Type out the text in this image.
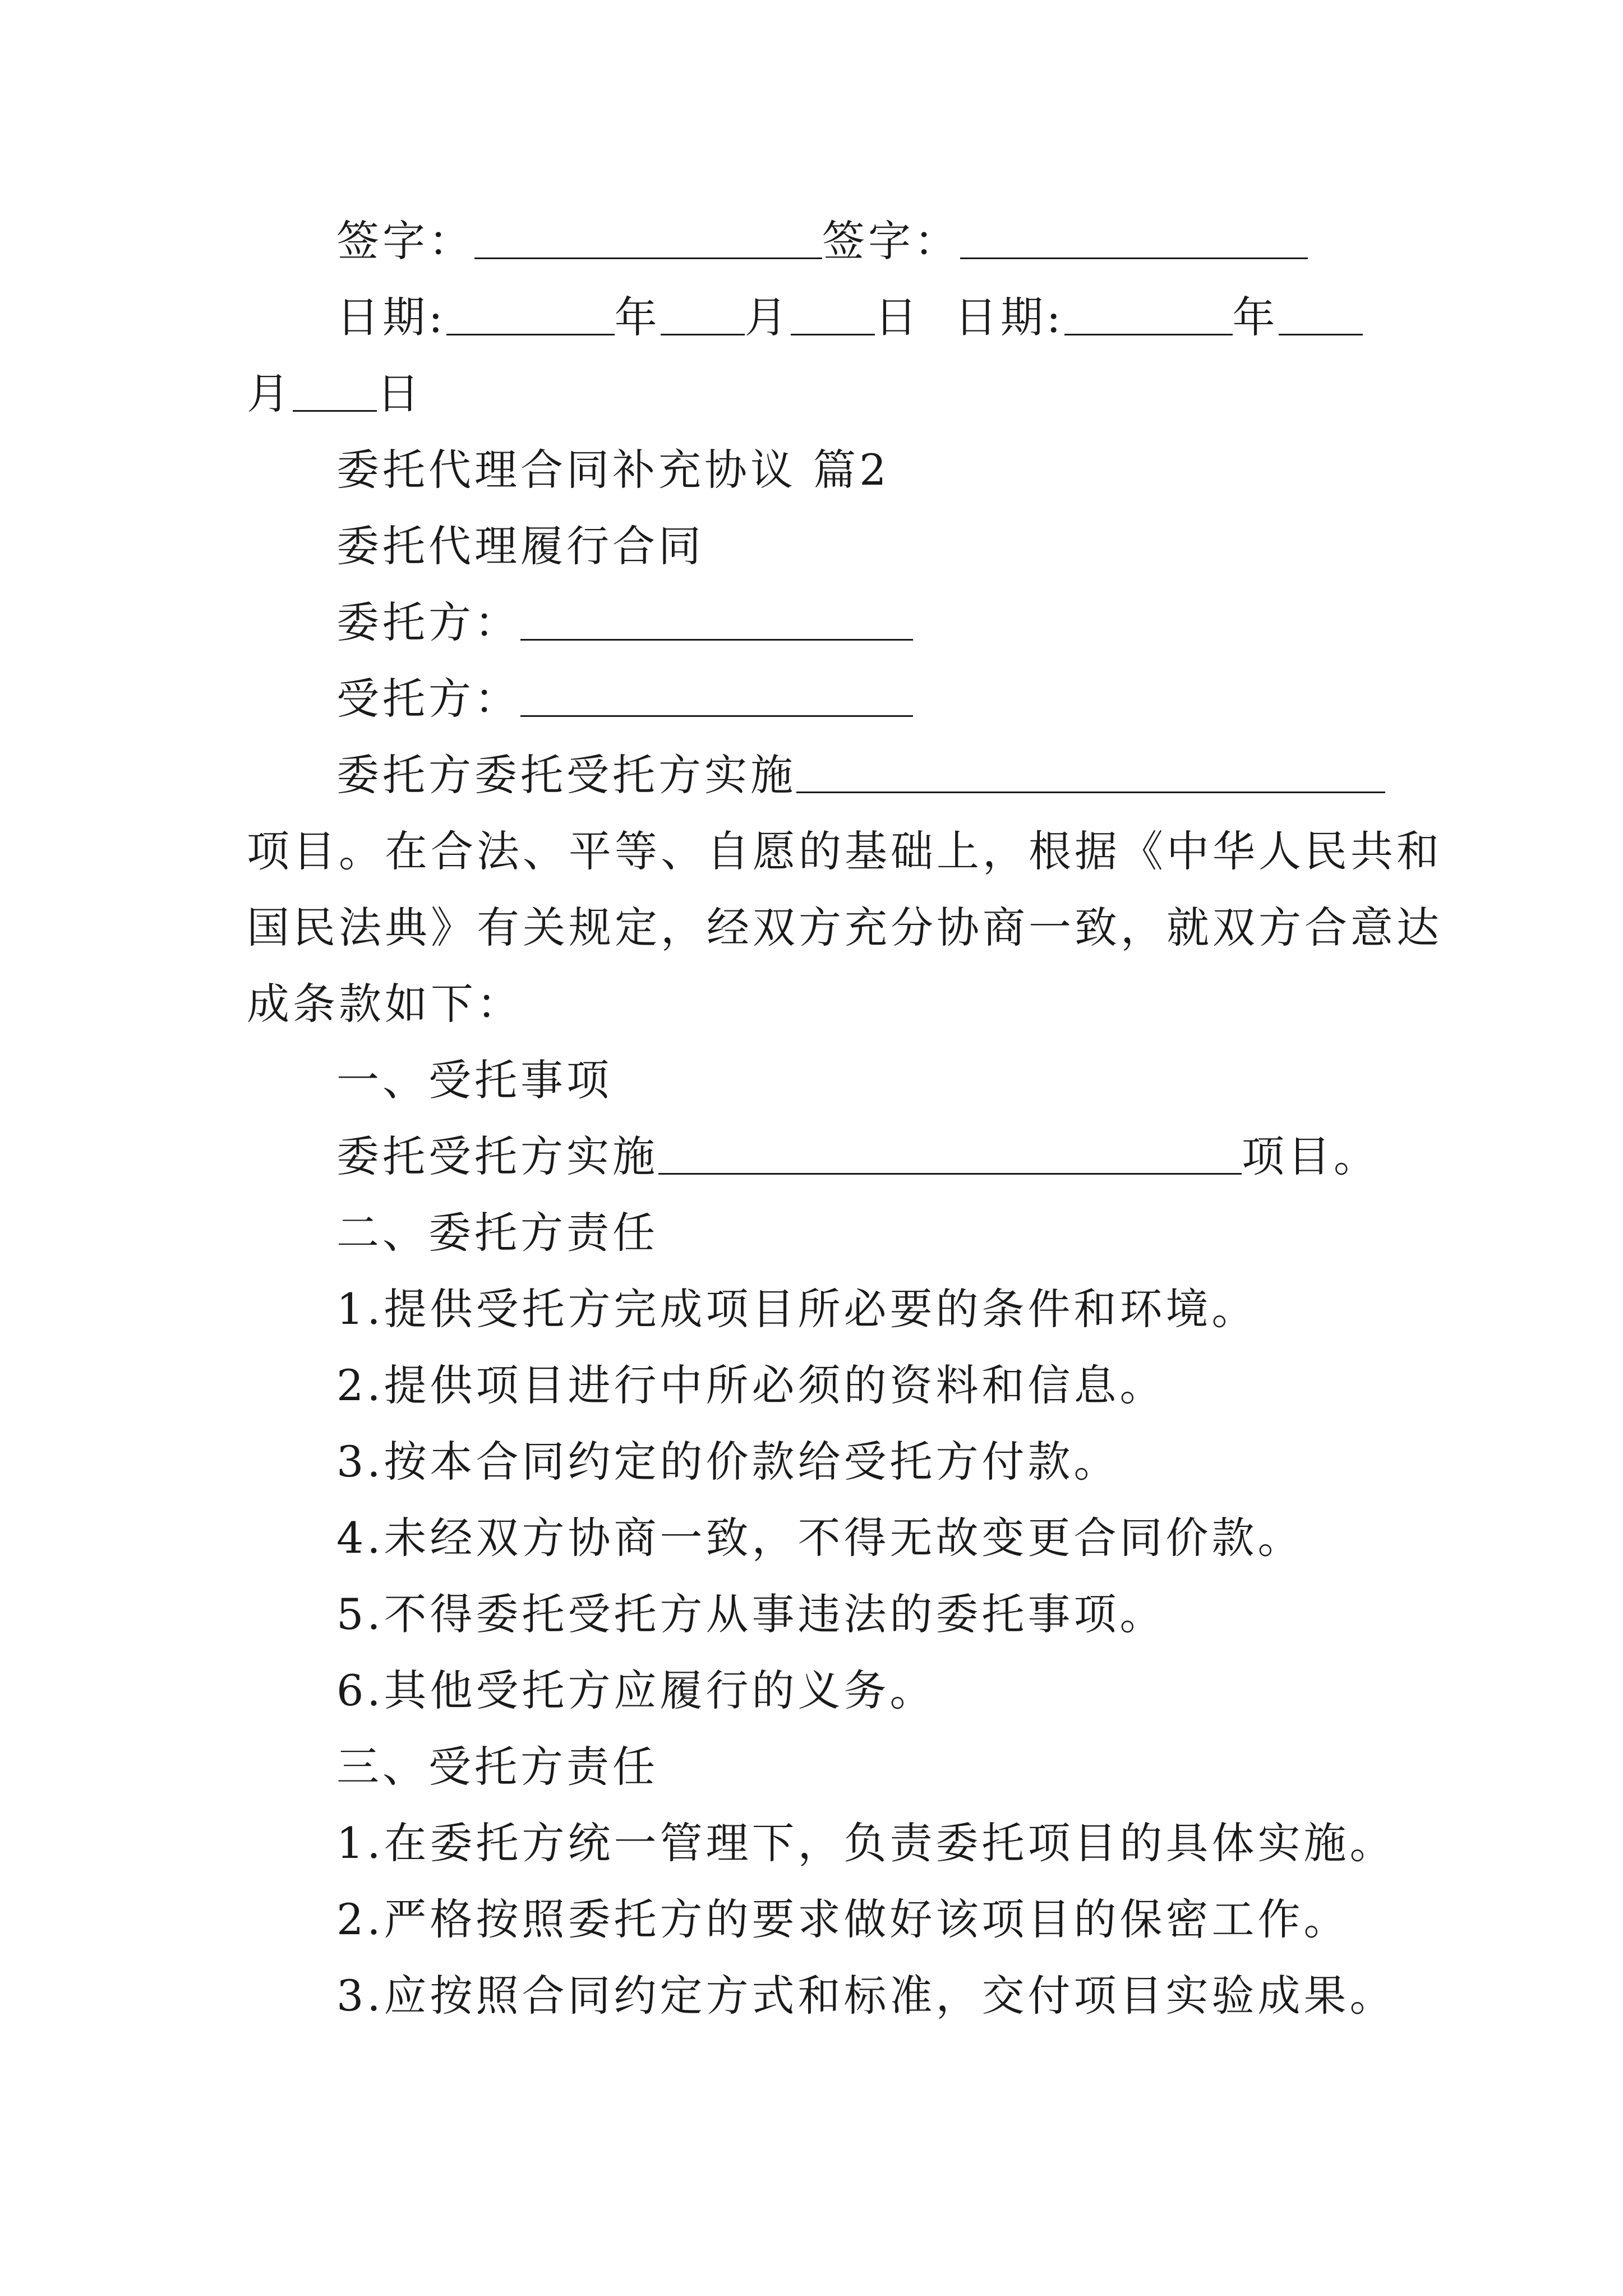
签字：	签字：
日期:	年 月 日 日期:	年
月 日
委托代理合同补充协议 篇2
委托代理履行合同
委托方：
受托方：
委托方委托受托方实施
项目。在合法、平等、自愿的基础上，根据《中华人民共和
国民法典》有关规定，经双方充分协商一致，就双方合意达
成条款如下：
一、受托事项
委托受托方实施	项目。
二、委托方责任
1.提供受托方完成项目所必要的条件和环境。
2.提供项目进行中所必须的资料和信息。
3.按本合同约定的价款给受托方付款。
4.未经双方协商一致，不得无故变更合同价款。
5.不得委托受托方从事违法的委托事项。
6.其他受托方应履行的义务。
三、受托方责任
1.在委托方统一管理下，负责委托项目的具体实施。
2.严格按照委托方的要求做好该项目的保密工作。
3.应按照合同约定方式和标准，交付项目实验成果。
